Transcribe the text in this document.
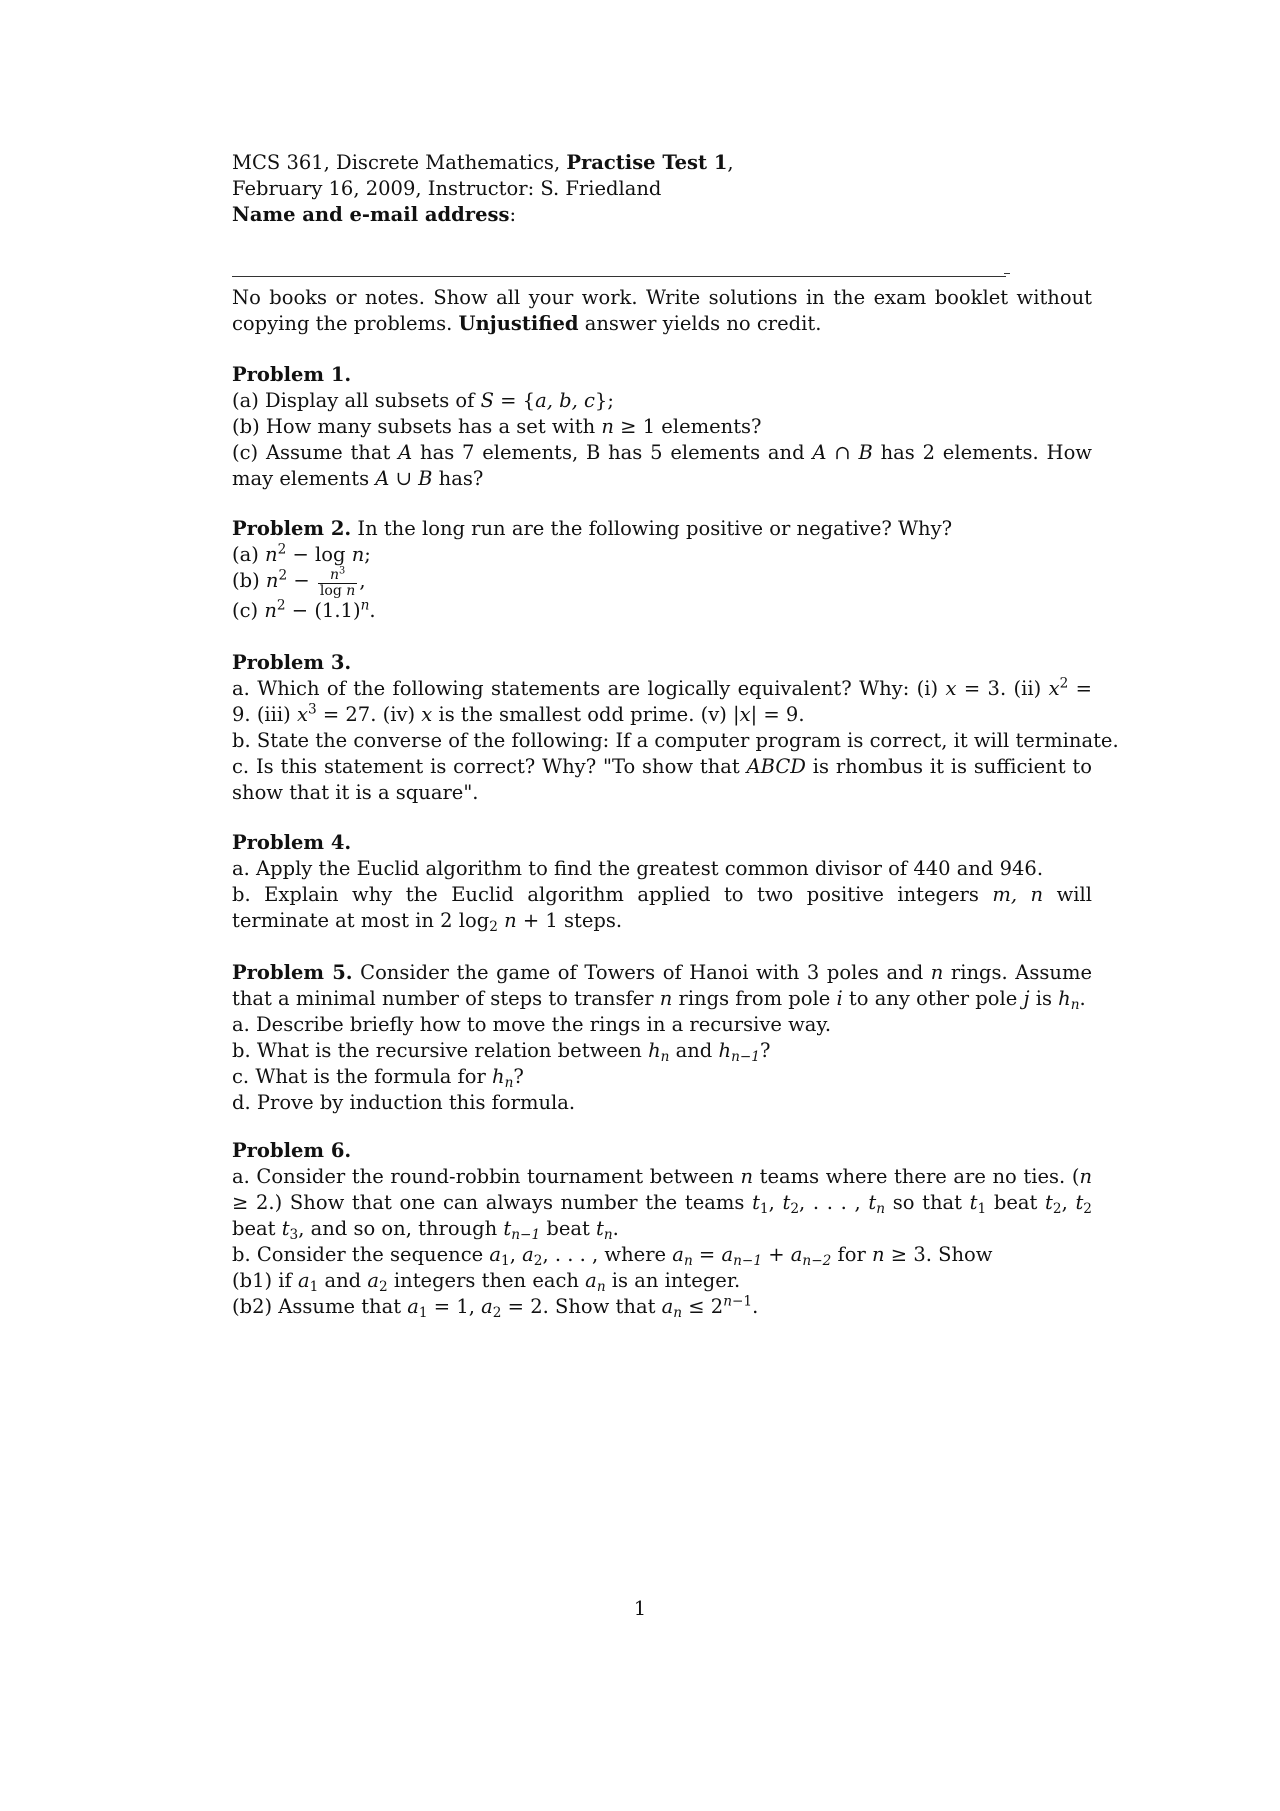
MCS 361, Discrete Mathematics, Practise Test 1,
February 16, 2009, Instructor: S. Friedland
Name and e-mail address:
No books or notes. Show all your work. Write solutions in the exam booklet without copying the problems. Unjustified answer yields no credit.
Problem 1.
(a) Display all subsets of S = {a, b, c};
(b) How many subsets has a set with n ≥ 1 elements?
(c) Assume that A has 7 elements, B has 5 elements and A ∩ B has 2 elements. How may elements A ∪ B has?
Problem 2. In the long run are the following positive or negative? Why?
(a) $n^2 - \log n$;
(b) $n^2 - \frac{n^3}{\text{log n}}$ ,
(c) $n^2 - (1.1)^n$.
Problem 3.
a. Which of the following statements are logically equivalent? Why: (i) x = 3. (ii) $x^2 = 9$. (iii) $x^3 = 27$. (iv) x is the smallest odd prime. (v) |x| = 9.
b. State the converse of the following: If a computer program is correct, it will terminate.
c. Is this statement is correct? Why? "To show that ABCD is rhombus it is sufficient to show that it is a square".
Problem 4.
a. Apply the Euclid algorithm to find the greatest common divisor of 440 and 946.
b. Explain why the Euclid algorithm applied to two positive integers m, n will terminate at most in 2 $\log_2 n + 1$ steps.
Problem 5. Consider the game of Towers of Hanoi with 3 poles and n rings. Assume that a minimal number of steps to transfer n rings from pole i to any other pole j is $h_n$.
a. Describe briefly how to move the rings in a recursive way.
b. What is the recursive relation between $h_n$ and $h_{n-1}$?
c. What is the formula for $h_n$?
d. Prove by induction this formula.
Problem 6.
a. Consider the round-robbin tournament between n teams where there are no ties. (n ≥ 2.) Show that one can always number the teams $t_1$, $t_2$, . . . , $t_n$ so that $t_1$ beat $t_2$, $t_2$ beat $t_3$, and so on, through $t_{n-1}$ beat $t_n$.
b. Consider the sequence $a_1$, $a_2$, . . . , where $a_n = a_{n-1} + a_{n-2}$ for n ≥ 3. Show
(b1) if $a_1$ and $a_2$ integers then each $a_n$ is an integer.
(b2) Assume that $a_1 = 1$, $a_2 = 2$. Show that $a_n \le 2^{n-1}$.
1
